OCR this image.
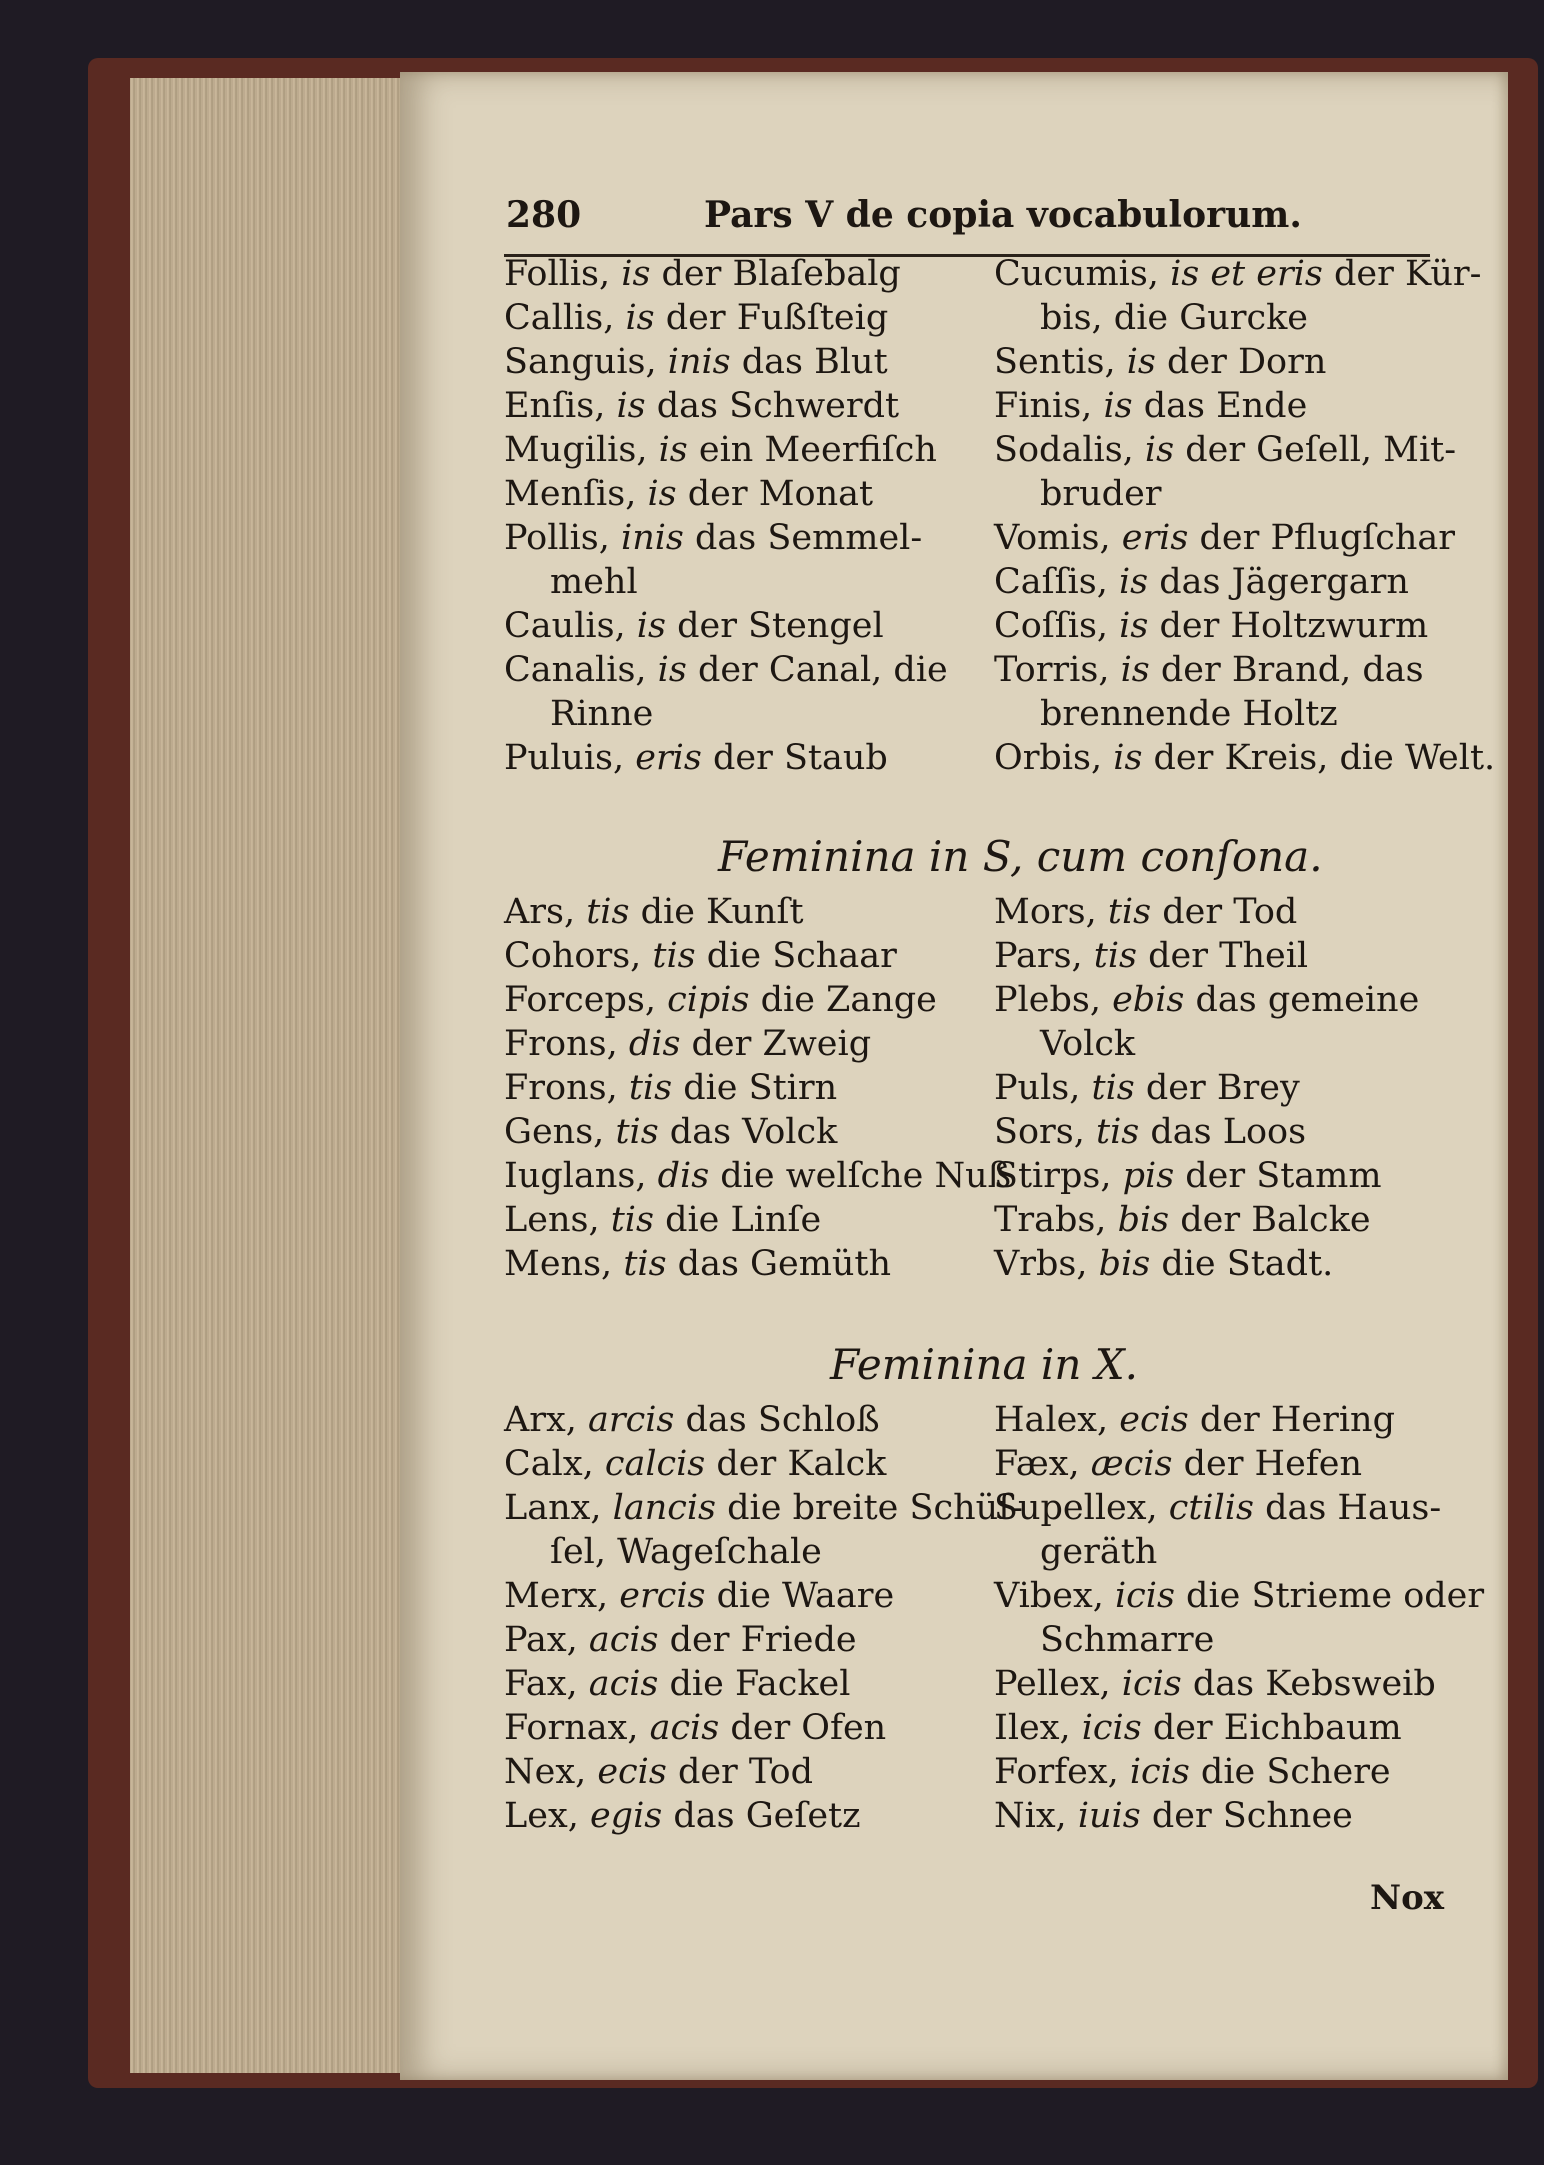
280	Pars V de copia vocabulorum.
Follis, is der Blaſebalg
Callis, is der Fußſteig
Sanguis, inis das Blut
Enſis, is das Schwerdt
Mugilis, is ein Meerfiſch
Menſis, is der Monat
Pollis, inis das Semmel-
mehl
Caulis, is der Stengel
Canalis, is der Canal, die
Rinne
Puluis, eris der Staub
Cucumis, is et eris der Kür-
bis, die Gurcke
Sentis, is der Dorn
Finis, is das Ende
Sodalis, is der Geſell, Mit-
bruder
Vomis, eris der Pflugſchar
Caſſis, is das Jägergarn
Coſſis, is der Holtzwurm
Torris, is der Brand, das
brennende Holtz
Orbis, is der Kreis, die Welt.
Feminina in S, cum conſona.
Ars, tis die Kunſt
Cohors, tis die Schaar
Forceps, cipis die Zange
Frons, dis der Zweig
Frons, tis die Stirn
Gens, tis das Volck
Iuglans, dis die welſche Nuß
Lens, tis die Linſe
Mens, tis das Gemüth
Mors, tis der Tod
Pars, tis der Theil
Plebs, ebis das gemeine
Volck
Puls, tis der Brey
Sors, tis das Loos
Stirps, pis der Stamm
Trabs, bis der Balcke
Vrbs, bis die Stadt.
Feminina in X.
Arx, arcis das Schloß
Calx, calcis der Kalck
Lanx, lancis die breite Schüſ-
ſel, Wageſchale
Merx, ercis die Waare
Pax, acis der Friede
Fax, acis die Fackel
Fornax, acis der Ofen
Nex, ecis der Tod
Lex, egis das Geſetz
Halex, ecis der Hering
Fæx, æcis der Hefen
Supellex, ctilis das Haus-
geräth
Vibex, icis die Strieme oder
Schmarre
Pellex, icis das Kebsweib
Ilex, icis der Eichbaum
Forfex, icis die Schere
Nix, iuis der Schnee
Nox
